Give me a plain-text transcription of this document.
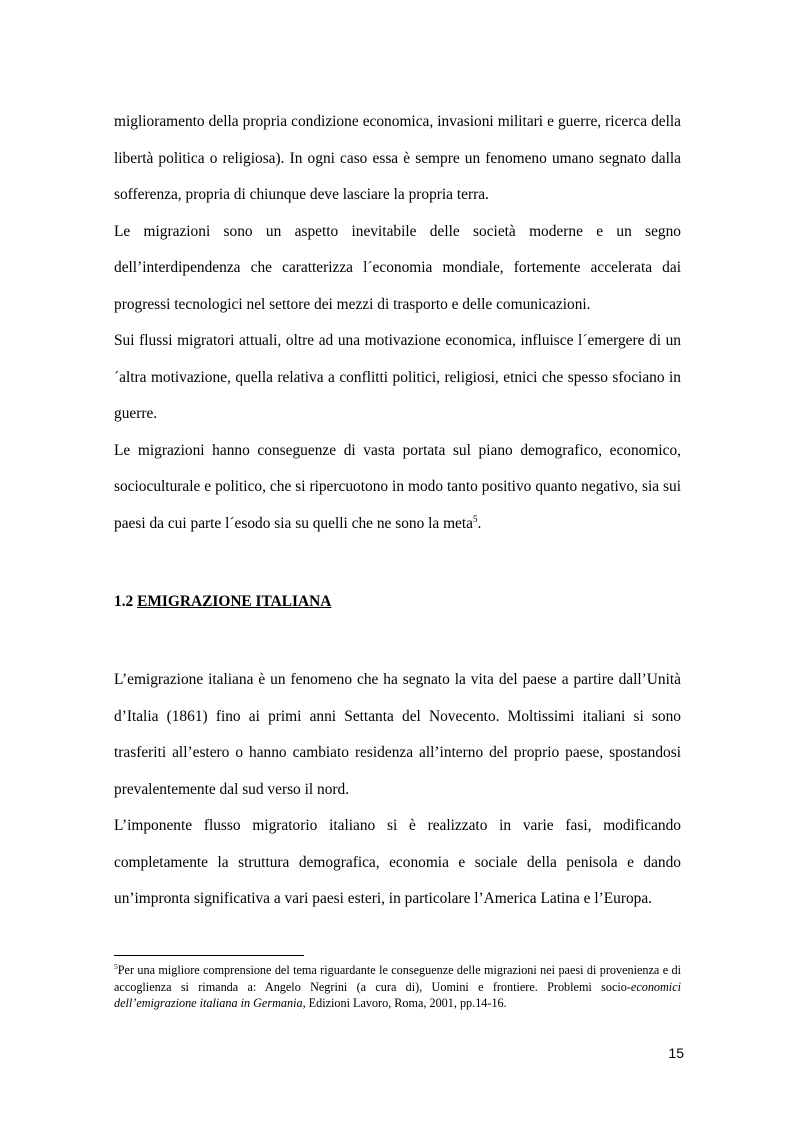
miglioramento della propria condizione economica, invasioni militari e guerre, ricerca della libertà politica o religiosa). In ogni caso essa è sempre un fenomeno umano segnato dalla sofferenza, propria di chiunque deve lasciare la propria terra.

Le migrazioni sono un aspetto inevitabile delle società moderne e un segno dell’interdipendenza che caratterizza l´economia mondiale, fortemente accelerata dai progressi tecnologici nel settore dei mezzi di trasporto e delle comunicazioni.

Sui flussi migratori attuali, oltre ad una motivazione economica, influisce l´emergere di un´altra motivazione, quella relativa a conflitti politici, religiosi, etnici che spesso sfociano in guerre.

Le migrazioni hanno conseguenze di vasta portata sul piano demografico, economico, socioculturale e politico, che si ripercuotono in modo tanto positivo quanto negativo, sia sui paesi da cui parte l´esodo sia su quelli che ne sono la meta$^5$.

1.2 EMIGRAZIONE ITALIANA

L’emigrazione italiana è un fenomeno che ha segnato la vita del paese a partire dall’Unità d’Italia (1861) fino ai primi anni Settanta del Novecento. Moltissimi italiani si sono trasferiti all’estero o hanno cambiato residenza all’interno del proprio paese, spostandosi prevalentemente dal sud verso il nord.

L’imponente flusso migratorio italiano si è realizzato in varie fasi, modificando completamente la struttura demografica, economia e sociale della penisola e dando un’impronta significativa a vari paesi esteri, in particolare l’America Latina e l’Europa.

$^5$Per una migliore comprensione del tema riguardante le conseguenze delle migrazioni nei paesi di provenienza e di accoglienza si rimanda a: Angelo Negrini (a cura di), Uomini e frontiere. Problemi socio-economici dell’emigrazione italiana in Germania, Edizioni Lavoro, Roma, 2001, pp.14-16.

15
